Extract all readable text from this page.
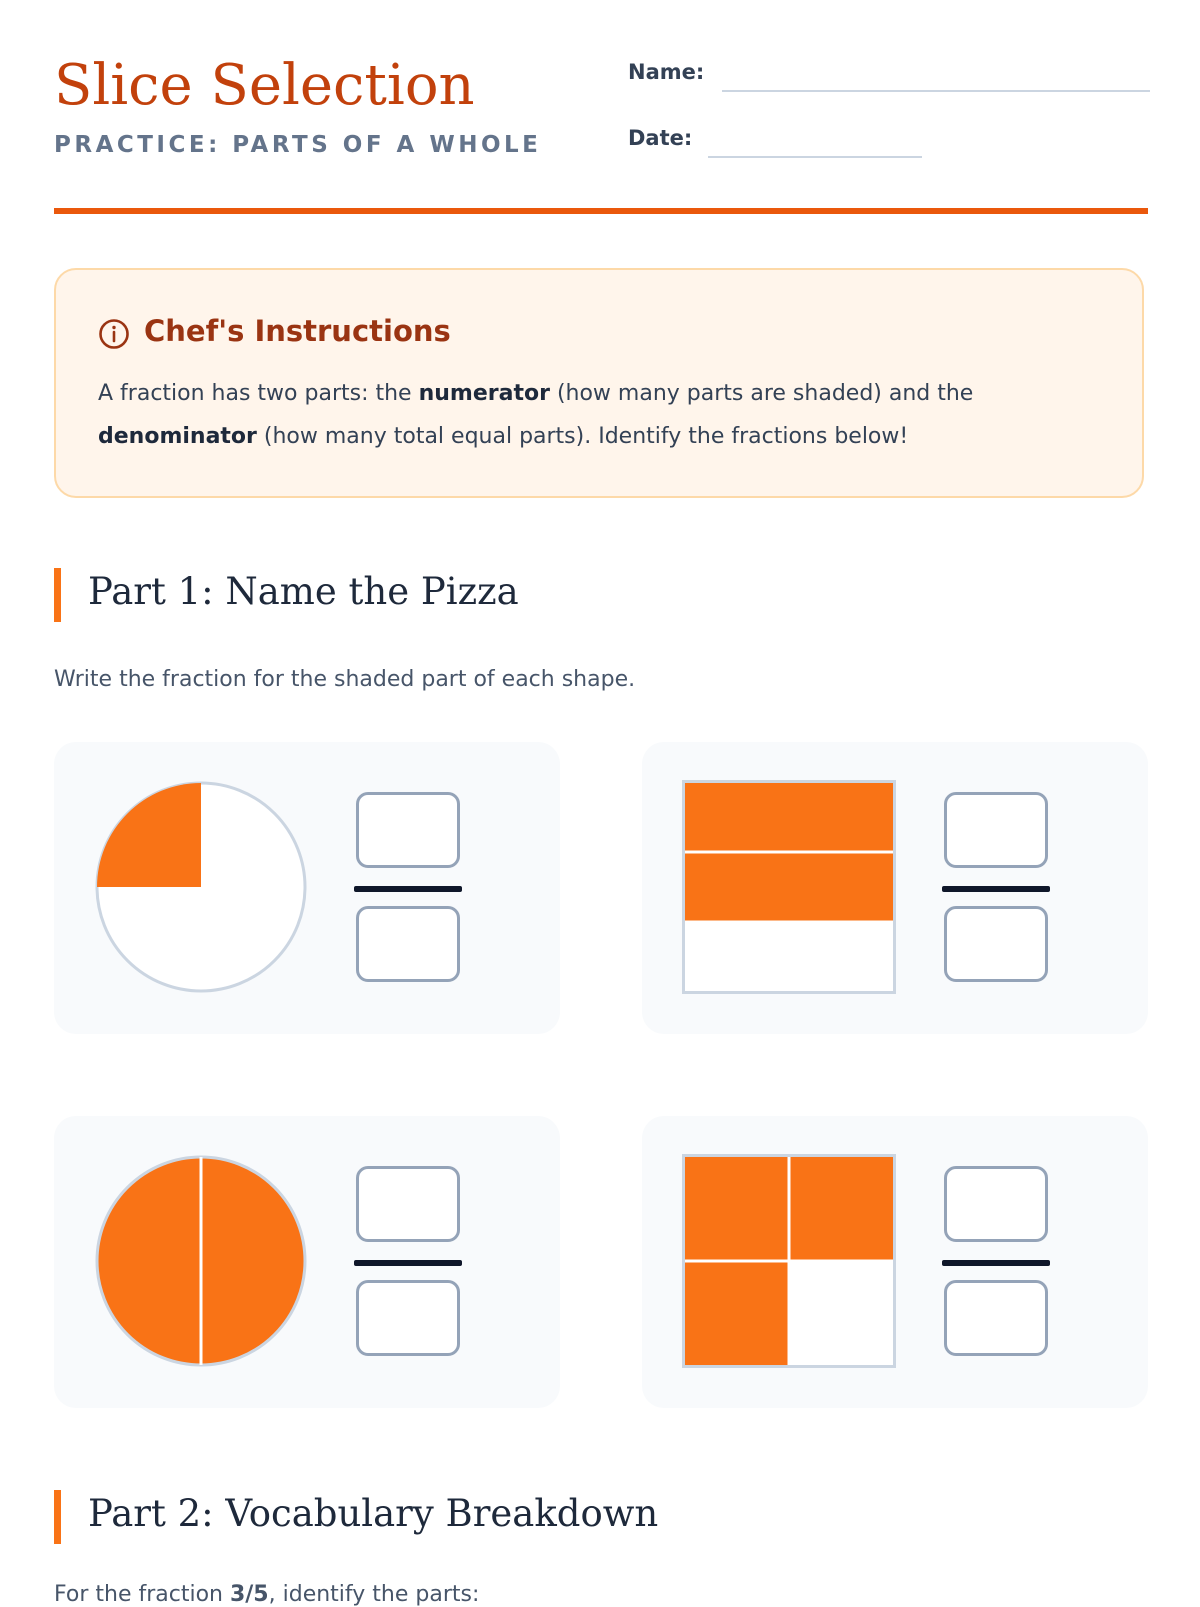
Slice Selection
PRACTICE: PARTS OF A WHOLE
Name:
Date:
Chef's Instructions
A fraction has two parts: the numerator (how many parts are shaded) and the
denominator (how many total equal parts). Identify the fractions below!
Part 1: Name the Pizza
Write the fraction for the shaded part of each shape.
Part 2: Vocabulary Breakdown
For the fraction 3/5, identify the parts:
